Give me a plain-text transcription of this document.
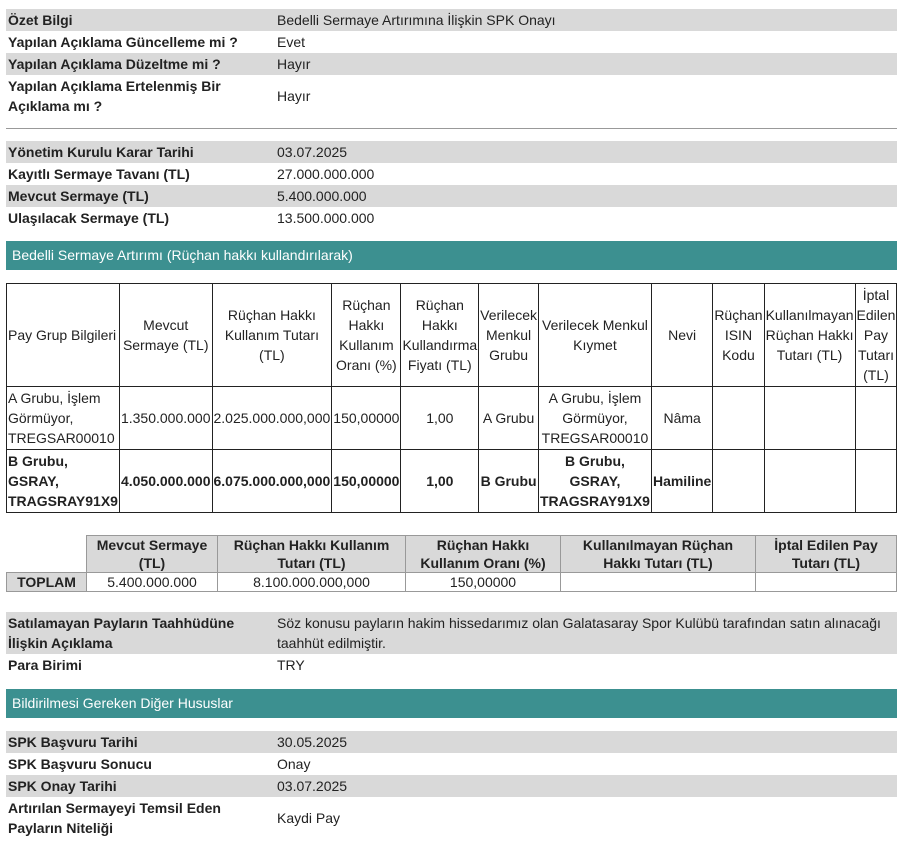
Özet Bilgi	Bedelli Sermaye Artırımına İlişkin SPK Onayı
Yapılan Açıklama Güncelleme mi ?	Evet
Yapılan Açıklama Düzeltme mi ?	Hayır
Yapılan Açıklama Ertelenmiş Bir Açıklama mı ?	Hayır
Yönetim Kurulu Karar Tarihi	03.07.2025
Kayıtlı Sermaye Tavanı (TL)	27.000.000.000
Mevcut Sermaye (TL)	5.400.000.000
Ulaşılacak Sermaye (TL)	13.500.000.000
Bedelli Sermaye Artırımı (Rüçhan hakkı kullandırılarak)
Pay Grup Bilgileri	Mevcut Sermaye (TL)	Rüçhan Hakkı Kullanım Tutarı (TL)	Rüçhan Hakkı Kullanım Oranı (%)	Rüçhan Hakkı Kullandırma Fiyatı (TL)	Verilecek Menkul Grubu	Verilecek Menkul Kıymet	Nevi	Rüçhan ISIN Kodu	Kullanılmayan Rüçhan Hakkı Tutarı (TL)	İptal Edilen Pay Tutarı (TL)
A Grubu, İşlem Görmüyor, TREGSAR00010	1.350.000.000	2.025.000.000,000	150,00000	1,00	A Grubu	A Grubu, İşlem Görmüyor, TREGSAR00010	Nâma			
B Grubu, GSRAY, TRAGSRAY91X9	4.050.000.000	6.075.000.000,000	150,00000	1,00	B Grubu	B Grubu, GSRAY, TRAGSRAY91X9	Hamiline			
	Mevcut Sermaye (TL)	Rüçhan Hakkı Kullanım Tutarı (TL)	Rüçhan Hakkı Kullanım Oranı (%)	Kullanılmayan Rüçhan Hakkı Tutarı (TL)	İptal Edilen Pay Tutarı (TL)
TOPLAM	5.400.000.000	8.100.000.000,000	150,00000		
Satılamayan Payların Taahhüdüne İlişkin Açıklama	Söz konusu paylar​ın hakim hissedarımız olan Galatasaray Spor Kulübü tarafından satın alınacağı taahhüt edilmiştir.
Para Birimi	TRY
Bildirilmesi Gereken Diğer Hususlar
SPK Başvuru Tarihi	30.05.2025
SPK Başvuru Sonucu	Onay
SPK Onay Tarihi	03.07.2025
Artırılan Sermayeyi Temsil Eden Payların Niteliği	Kaydi Pay
